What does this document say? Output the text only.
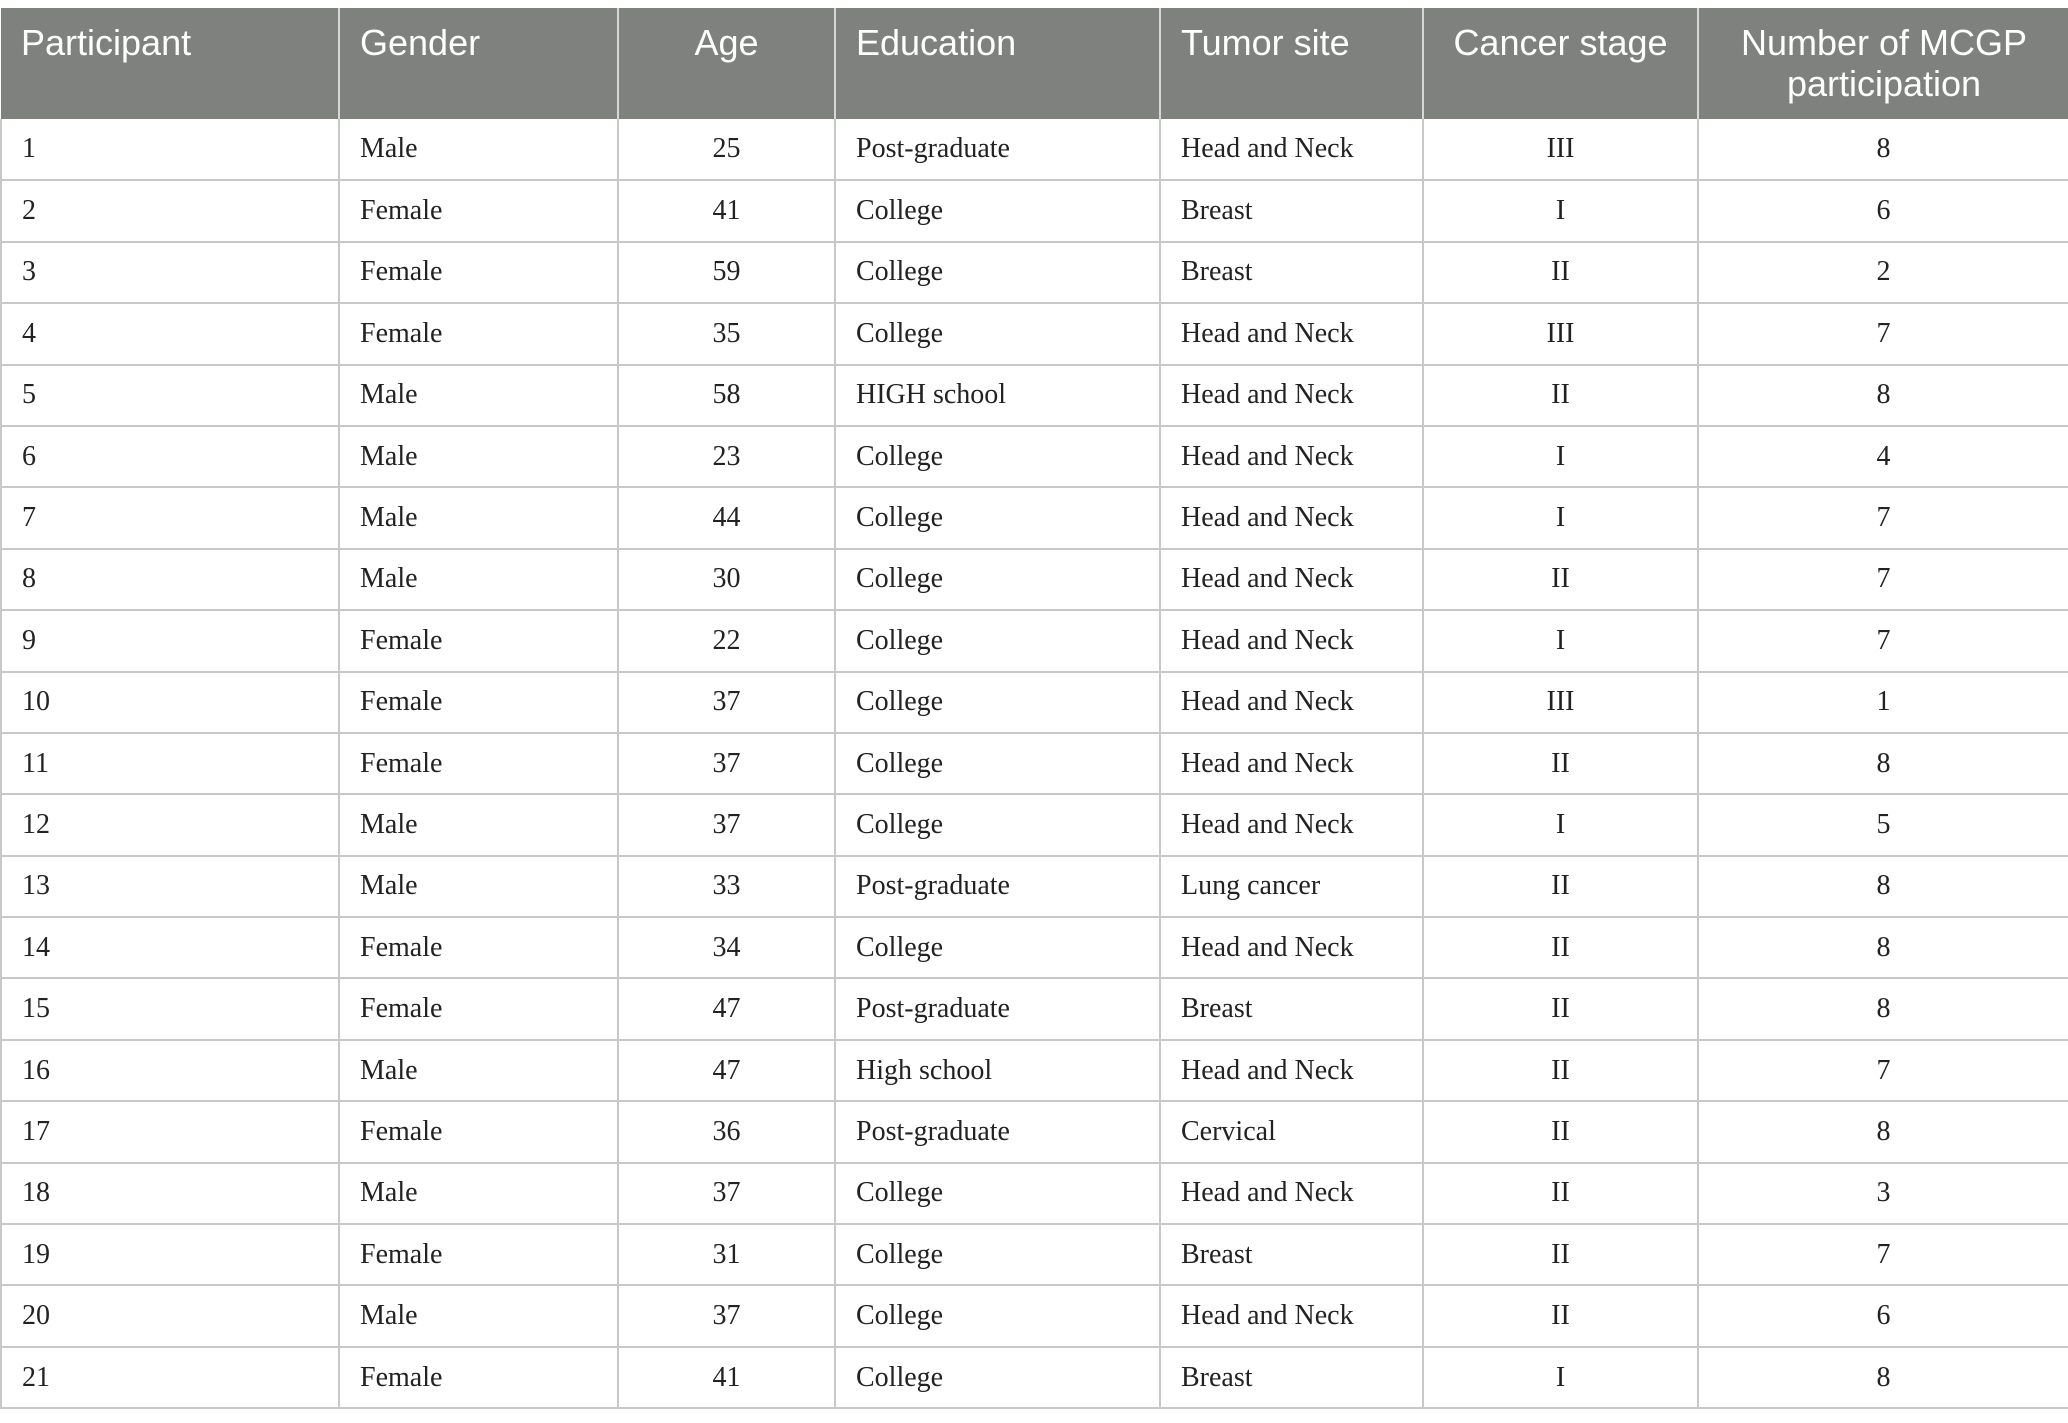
Participant	Gender	Age	Education	Tumor site	Cancer stage	Number of MCGP participation
1	Male	25	Post-graduate	Head and Neck	III	8
2	Female	41	College	Breast	I	6
3	Female	59	College	Breast	II	2
4	Female	35	College	Head and Neck	III	7
5	Male	58	HIGH school	Head and Neck	II	8
6	Male	23	College	Head and Neck	I	4
7	Male	44	College	Head and Neck	I	7
8	Male	30	College	Head and Neck	II	7
9	Female	22	College	Head and Neck	I	7
10	Female	37	College	Head and Neck	III	1
11	Female	37	College	Head and Neck	II	8
12	Male	37	College	Head and Neck	I	5
13	Male	33	Post-graduate	Lung cancer	II	8
14	Female	34	College	Head and Neck	II	8
15	Female	47	Post-graduate	Breast	II	8
16	Male	47	High school	Head and Neck	II	7
17	Female	36	Post-graduate	Cervical	II	8
18	Male	37	College	Head and Neck	II	3
19	Female	31	College	Breast	II	7
20	Male	37	College	Head and Neck	II	6
21	Female	41	College	Breast	I	8
